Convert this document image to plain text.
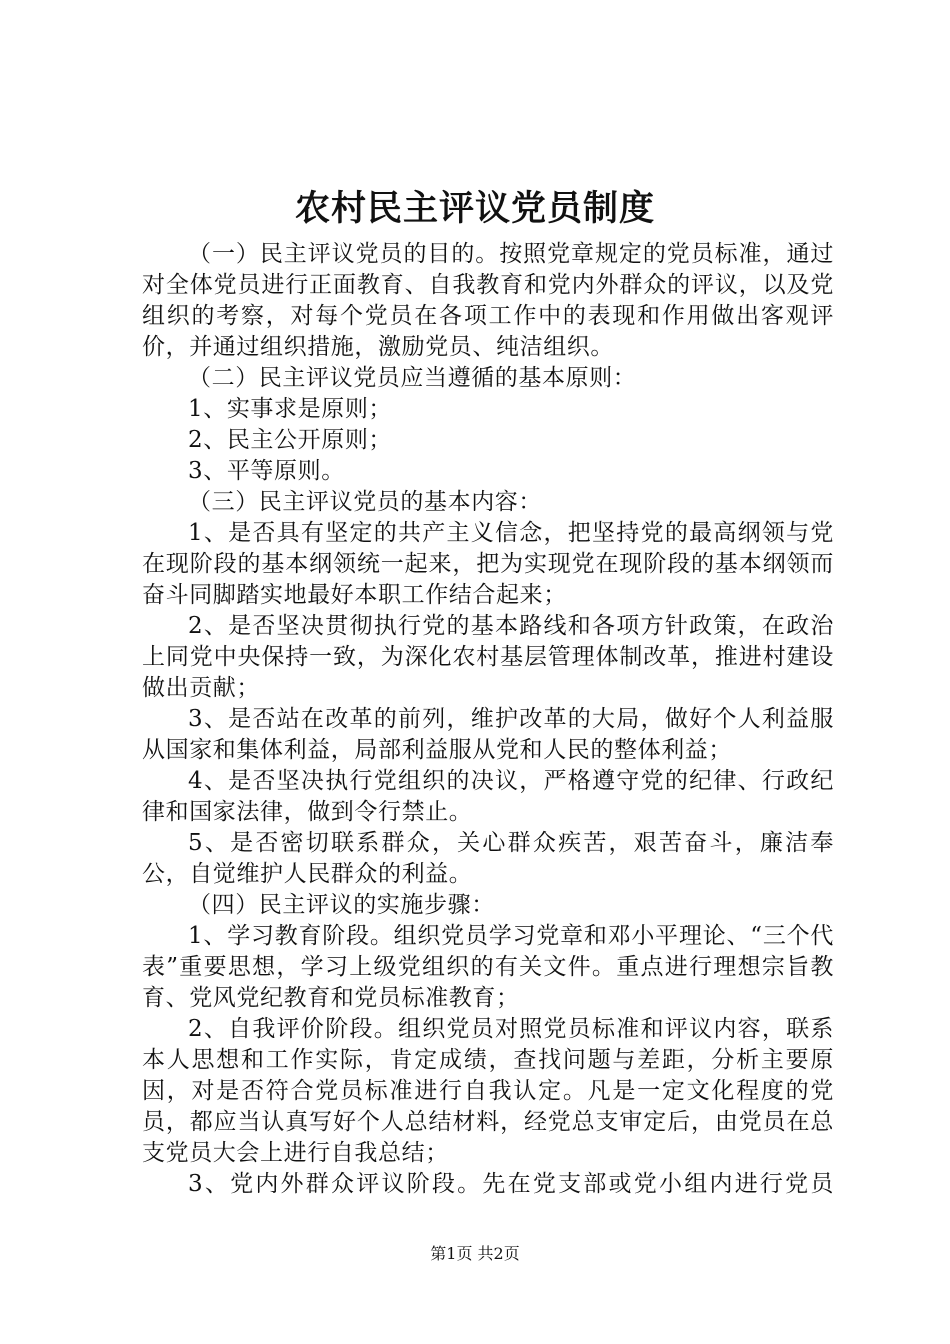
农村民主评议党员制度

（一）民主评议党员的目的。按照党章规定的党员标准，通过对全体党员进行正面教育、自我教育和党内外群众的评议，以及党组织的考察，对每个党员在各项工作中的表现和作用做出客观评价，并通过组织措施，激励党员、纯洁组织。

（二）民主评议党员应当遵循的基本原则：

1、实事求是原则；

2、民主公开原则；

3、平等原则。

（三）民主评议党员的基本内容：

1、是否具有坚定的共产主义信念，把坚持党的最高纲领与党在现阶段的基本纲领统一起来，把为实现党在现阶段的基本纲领而奋斗同脚踏实地最好本职工作结合起来；

2、是否坚决贯彻执行党的基本路线和各项方针政策，在政治上同党中央保持一致，为深化农村基层管理体制改革，推进村建设做出贡献；

3、是否站在改革的前列，维护改革的大局，做好个人利益服从国家和集体利益，局部利益服从党和人民的整体利益；

4、是否坚决执行党组织的决议，严格遵守党的纪律、行政纪律和国家法律，做到令行禁止。

5、是否密切联系群众，关心群众疾苦，艰苦奋斗，廉洁奉公，自觉维护人民群众的利益。

（四）民主评议的实施步骤：

1、学习教育阶段。组织党员学习党章和邓小平理论、“三个代表”重要思想，学习上级党组织的有关文件。重点进行理想宗旨教育、党风党纪教育和党员标准教育；

2、自我评价阶段。组织党员对照党员标准和评议内容，联系本人思想和工作实际，肯定成绩，查找问题与差距，分析主要原因，对是否符合党员标准进行自我认定。凡是一定文化程度的党员，都应当认真写好个人总结材料，经党总支审定后，由党员在总支党员大会上进行自我总结；

3、党内外群众评议阶段。先在党支部或党小组内进行党员

第1页 共2页
